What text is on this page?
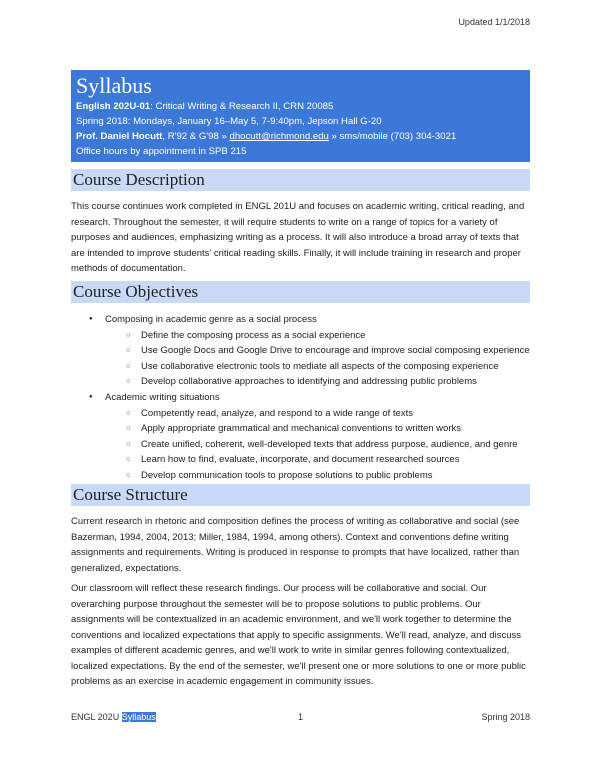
Updated 1/1/2018
Syllabus
English 202U-01: Critical Writing & Research II, CRN 20085
Spring 2018: Mondays, January 16–May 5, 7-9:40pm, Jepson Hall G-20
Prof. Daniel Hocutt, R'92 & G'98 » dhocutt@richmond.edu » sms/mobile (703) 304-3021
Office hours by appointment in SPB 215
Course Description

This course continues work completed in ENGL 201U and focuses on academic writing, critical reading, and research. Throughout the semester, it will require students to write on a range of topics for a variety of purposes and audiences, emphasizing writing as a process. It will also introduce a broad array of texts that are intended to improve students' critical reading skills. Finally, it will include training in research and proper methods of documentation.

Course Objectives
● Composing in academic genre as a social process
○ Define the composing process as a social experience
○ Use Google Docs and Google Drive to encourage and improve social composing experience
○ Use collaborative electronic tools to mediate all aspects of the composing experience
○ Develop collaborative approaches to identifying and addressing public problems
● Academic writing situations
○ Competently read, analyze, and respond to a wide range of texts
○ Apply appropriate grammatical and mechanical conventions to written works
○ Create unified, coherent, well-developed texts that address purpose, audience, and genre
○ Learn how to find, evaluate, incorporate, and document researched sources
○ Develop communication tools to propose solutions to public problems
Course Structure

Current research in rhetoric and composition defines the process of writing as collaborative and social (see Bazerman, 1994, 2004, 2013; Miller, 1984, 1994, among others). Context and conventions define writing assignments and requirements. Writing is produced in response to prompts that have localized, rather than generalized, expectations.

Our classroom will reflect these research findings. Our process will be collaborative and social. Our overarching purpose throughout the semester will be to propose solutions to public problems. Our assignments will be contextualized in an academic environment, and we'll work together to determine the conventions and localized expectations that apply to specific assignments. We'll read, analyze, and discuss examples of different academic genres, and we'll work to write in similar genres following contextualized, localized expectations. By the end of the semester, we'll present one or more solutions to one or more public problems as an exercise in academic engagement in community issues.

ENGL 202U Syllabus	1	Spring 2018
